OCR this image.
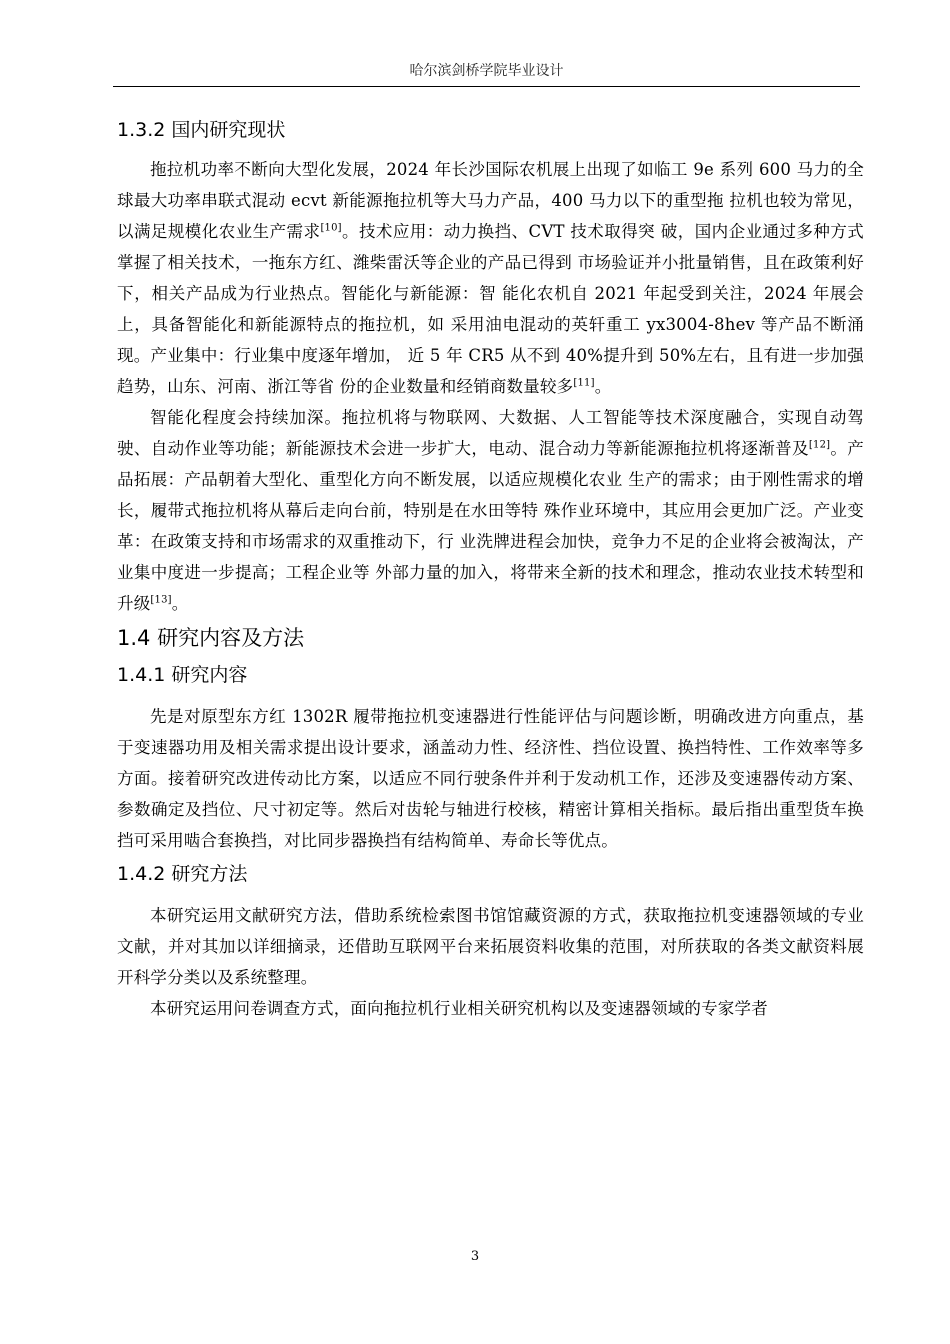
哈尔滨剑桥学院毕业设计
1.3.2 国内研究现状

拖拉机功率不断向大型化发展，2024 年长沙国际农机展上出现了如临工 9e 系列 600 马力的全球最大功率串联式混动 ecvt 新能源拖拉机等大马力产品，400 马力以下的重型拖 拉机也较为常见，以满足规模化农业生产需求[10]。技术应用：动力换挡、CVT 技术取得突 破，国内企业通过多种方式掌握了相关技术，一拖东方红、潍柴雷沃等企业的产品已得到 市场验证并小批量销售，且在政策利好下，相关产品成为行业热点。智能化与新能源：智 能化农机自 2021 年起受到关注，2024 年展会上，具备智能化和新能源特点的拖拉机，如 采用油电混动的英轩重工 yx3004-8hev 等产品不断涌现。产业集中：行业集中度逐年增加， 近 5 年 CR5 从不到 40%提升到 50%左右，且有进一步加强趋势，山东、河南、浙江等省 份的企业数量和经销商数量较多[11]。

智能化程度会持续加深。拖拉机将与物联网、大数据、人工智能等技术深度融合，实现自动驾驶、自动作业等功能；新能源技术会进一步扩大，电动、混合动力等新能源拖拉机将逐渐普及[12]。产品拓展：产品朝着大型化、重型化方向不断发展，以适应规模化农业 生产的需求；由于刚性需求的增长，履带式拖拉机将从幕后走向台前，特别是在水田等特 殊作业环境中，其应用会更加广泛。产业变革：在政策支持和市场需求的双重推动下，行 业洗牌进程会加快，竞争力不足的企业将会被淘汰，产业集中度进一步提高；工程企业等 外部力量的加入，将带来全新的技术和理念，推动农业技术转型和升级[13]。

1.4 研究内容及方法
1.4.1 研究内容

先是对原型东方红 1302R 履带拖拉机变速器进行性能评估与问题诊断，明确改进方向重点，基于变速器功用及相关需求提出设计要求，涵盖动力性、经济性、挡位设置、换挡特性、工作效率等多方面。接着研究改进传动比方案，以适应不同行驶条件并利于发动机工作，还涉及变速器传动方案、参数确定及挡位、尺寸初定等。然后对齿轮与轴进行校核，精密计算相关指标。最后指出重型货车换挡可采用啮合套换挡，对比同步器换挡有结构简单、寿命长等优点。

1.4.2 研究方法

本研究运用文献研究方法，借助系统检索图书馆馆藏资源的方式，获取拖拉机变速器领域的专业文献，并对其加以详细摘录，还借助互联网平台来拓展资料收集的范围，对所获取的各类文献资料展开科学分类以及系统整理。

本研究运用问卷调查方式，面向拖拉机行业相关研究机构以及变速器领域的专家学者

3
